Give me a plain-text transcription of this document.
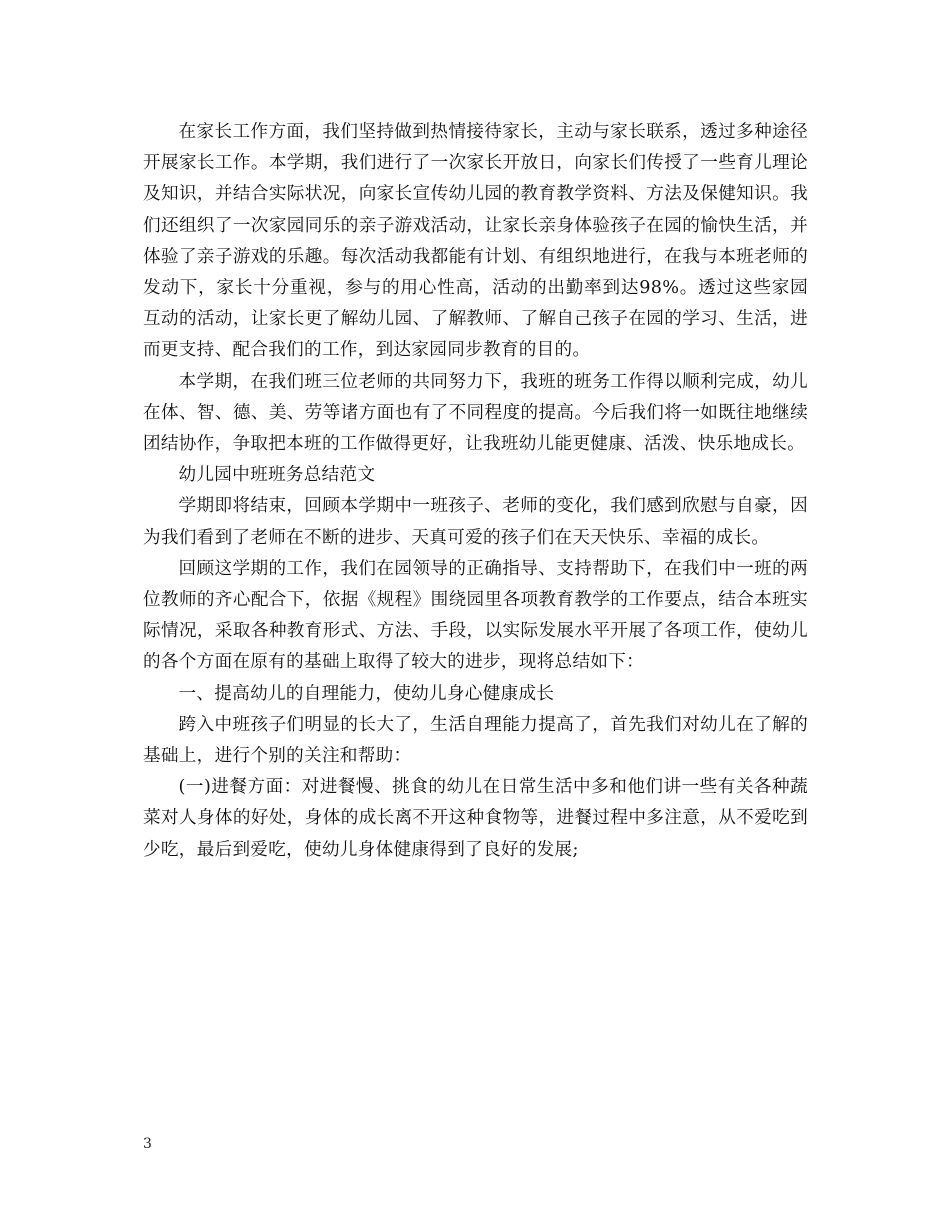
在家长工作方面，我们坚持做到热情接待家长，主动与家长联系，透过多种途径开展家长工作。本学期，我们进行了一次家长开放日，向家长们传授了一些育儿理论及知识，并结合实际状况，向家长宣传幼儿园的教育教学资料、方法及保健知识。我们还组织了一次家园同乐的亲子游戏活动，让家长亲身体验孩子在园的愉快生活，并体验了亲子游戏的乐趣。每次活动我都能有计划、有组织地进行，在我与本班老师的发动下，家长十分重视，参与的用心性高，活动的出勤率到达98%。透过这些家园互动的活动，让家长更了解幼儿园、了解教师、了解自己孩子在园的学习、生活，进而更支持、配合我们的工作，到达家园同步教育的目的。

本学期，在我们班三位老师的共同努力下，我班的班务工作得以顺利完成，幼儿在体、智、德、美、劳等诸方面也有了不同程度的提高。今后我们将一如既往地继续团结协作，争取把本班的工作做得更好，让我班幼儿能更健康、活泼、快乐地成长。

幼儿园中班班务总结范文

学期即将结束，回顾本学期中一班孩子、老师的变化，我们感到欣慰与自豪，因为我们看到了老师在不断的进步、天真可爱的孩子们在天天快乐、幸福的成长。

回顾这学期的工作，我们在园领导的正确指导、支持帮助下，在我们中一班的两位教师的齐心配合下，依据《规程》围绕园里各项教育教学的工作要点，结合本班实际情况，采取各种教育形式、方法、手段，以实际发展水平开展了各项工作，使幼儿的各个方面在原有的基础上取得了较大的进步，现将总结如下：

一、提高幼儿的自理能力，使幼儿身心健康成长

跨入中班孩子们明显的长大了，生活自理能力提高了，首先我们对幼儿在了解的基础上，进行个别的关注和帮助：

(一)进餐方面：对进餐慢、挑食的幼儿在日常生活中多和他们讲一些有关各种蔬菜对人身体的好处，身体的成长离不开这种食物等，进餐过程中多注意，从不爱吃到少吃，最后到爱吃，使幼儿身体健康得到了良好的发展;

3
